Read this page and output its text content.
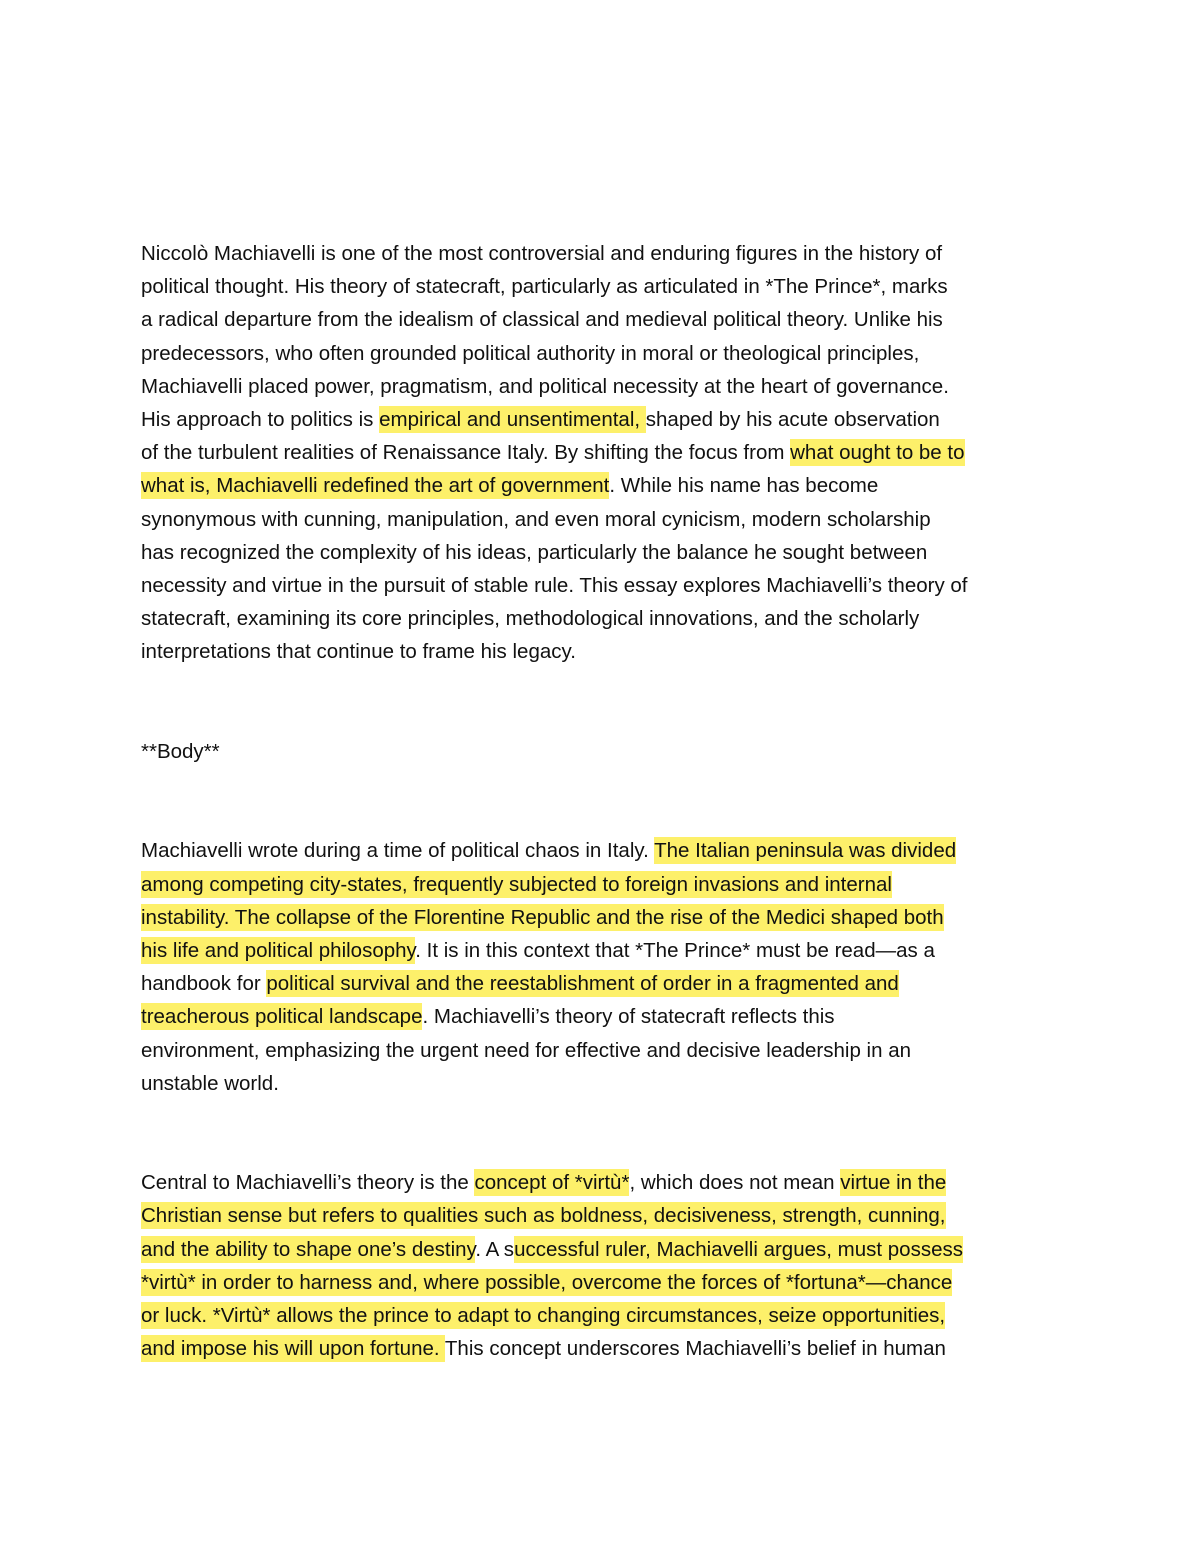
Niccolò Machiavelli is one of the most controversial and enduring figures in the history of
political thought. His theory of statecraft, particularly as articulated in *The Prince*, marks
a radical departure from the idealism of classical and medieval political theory. Unlike his
predecessors, who often grounded political authority in moral or theological principles,
Machiavelli placed power, pragmatism, and political necessity at the heart of governance.
His approach to politics is empirical and unsentimental, shaped by his acute observation
of the turbulent realities of Renaissance Italy. By shifting the focus from what ought to be to
what is, Machiavelli redefined the art of government. While his name has become
synonymous with cunning, manipulation, and even moral cynicism, modern scholarship
has recognized the complexity of his ideas, particularly the balance he sought between
necessity and virtue in the pursuit of stable rule. This essay explores Machiavelli’s theory of
statecraft, examining its core principles, methodological innovations, and the scholarly
interpretations that continue to frame his legacy.
**Body**
Machiavelli wrote during a time of political chaos in Italy. The Italian peninsula was divided
among competing city-states, frequently subjected to foreign invasions and internal
instability. The collapse of the Florentine Republic and the rise of the Medici shaped both
his life and political philosophy. It is in this context that *The Prince* must be read—as a
handbook for political survival and the reestablishment of order in a fragmented and
treacherous political landscape. Machiavelli’s theory of statecraft reflects this
environment, emphasizing the urgent need for effective and decisive leadership in an
unstable world.
Central to Machiavelli’s theory is the concept of *virtù*, which does not mean virtue in the
Christian sense but refers to qualities such as boldness, decisiveness, strength, cunning,
and the ability to shape one’s destiny. A successful ruler, Machiavelli argues, must possess
*virtù* in order to harness and, where possible, overcome the forces of *fortuna*—chance
or luck. *Virtù* allows the prince to adapt to changing circumstances, seize opportunities,
and impose his will upon fortune. This concept underscores Machiavelli’s belief in human
